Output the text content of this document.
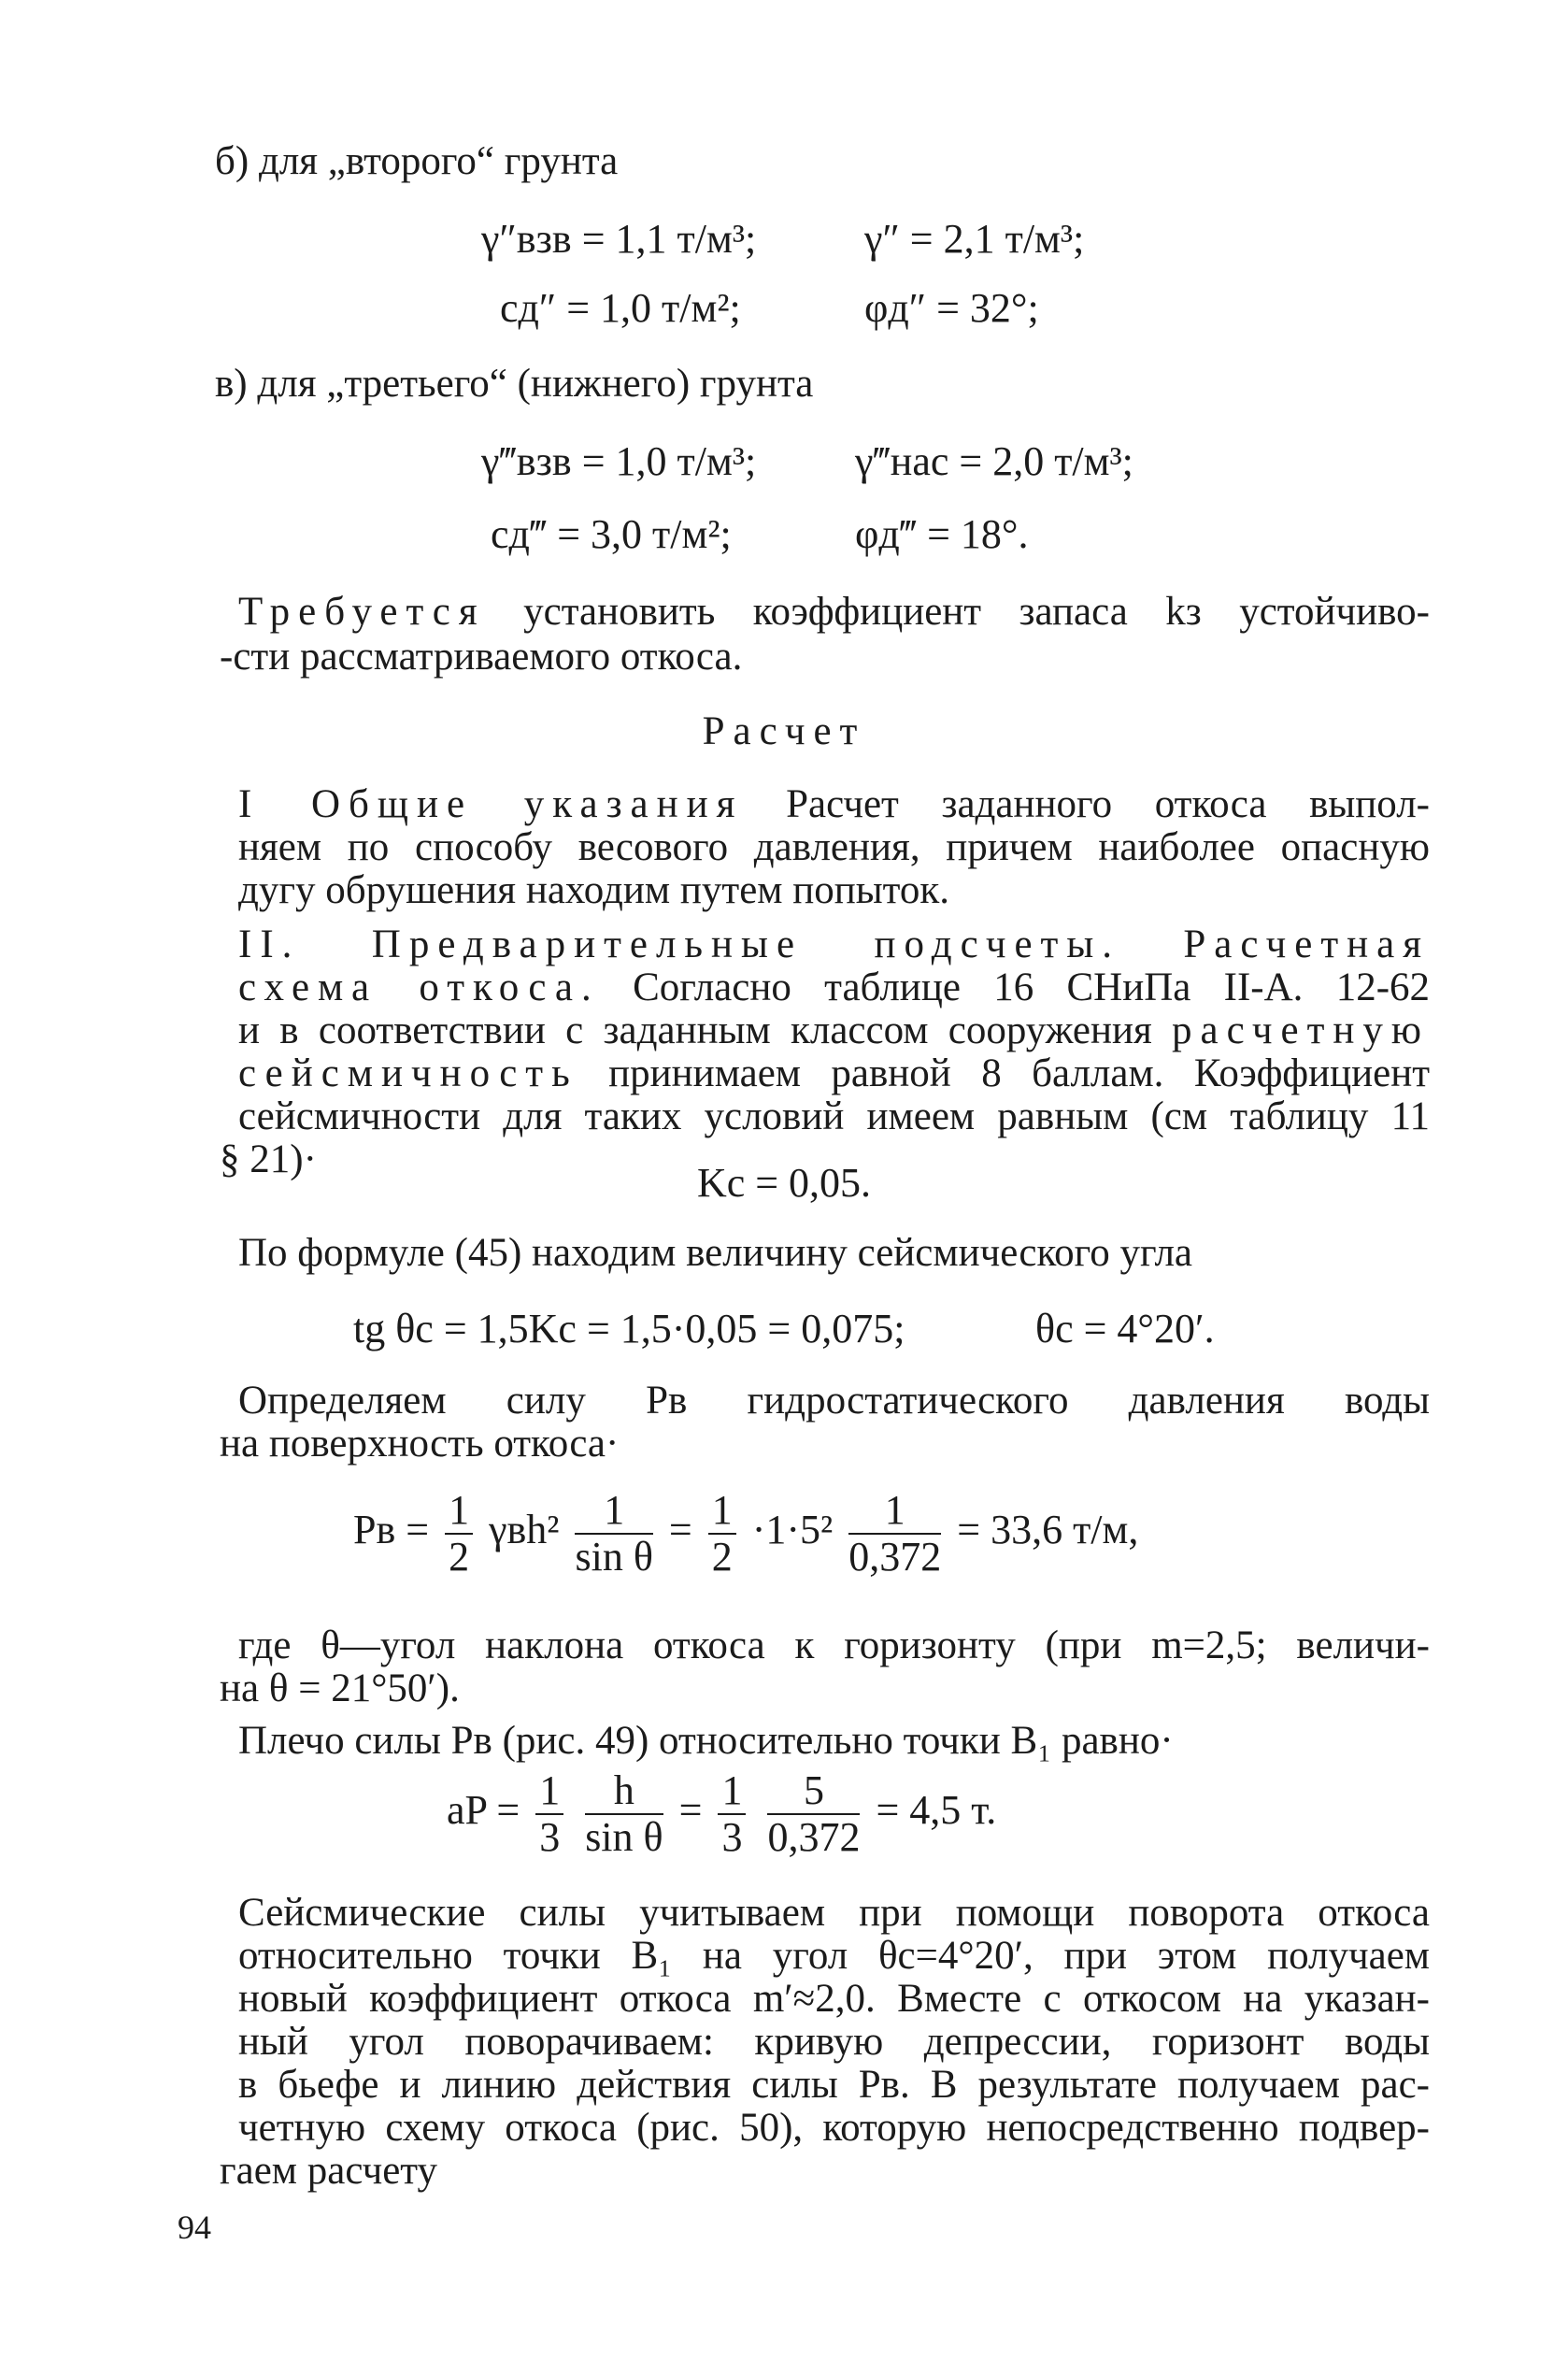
б) для „второго“ грунта
γ″взв = 1,1 т/м³;	γ″ = 2,1 т/м³;
cд″ = 1,0 т/м²;	φд″ = 32°;
в) для „третьего“ (нижнего) грунта
γ‴взв = 1,0 т/м³; γ‴нас = 2,0 т/м³;
cд‴ = 3,0 т/м²;	φд‴ = 18°.
Требуется установить коэффициент запаса kз устойчиво-
-сти рассматриваемого откоса.
Расчет
I Общие указания Расчет заданного откоса выпол-
няем по способу весового давления, причем наиболее опасную
дугу обрушения находим путем попыток.
II. Предварительные подсчеты. Расчетная
схема откоса. Согласно таблице 16 СНиПа II-А. 12-62
и в соответствии с заданным классом сооружения расчетную
сейсмичность принимаем равной 8 баллам. Коэффициент
сейсмичности для таких условий имеем равным (см таблицу 11
§ 21)·
Kс = 0,05.
По формуле (45) находим величину сейсмического угла
tg θс = 1,5Kс = 1,5·0,05 = 0,075;	θс = 4°20′.
Определяем силу Pв гидростатического давления воды
на поверхность откоса·
Pв = $\frac{1}{2} \gamma вh^2 \frac{1}{\text{sin θ}} = \frac{1}{2} \cdot 1\cdot 5^2 \frac{1}{0,372} = 33,6$ т/м,
где θ—угол наклона откоса к горизонту (при m=2,5; величи-
на θ = 21°50′).
Плечо силы Pв (рис. 49) относительно точки B₁ равно·
aP = $\frac{1}{3}$
$\frac{h}{\text{sin θ}} = \frac{1}{3}$
$\frac{5}{0,372} = 4,5$ т.
Сейсмические силы учитываем при помощи поворота откоса
относительно точки B₁ на угол θс=4°20′, при этом получаем
новый коэффициент откоса m′≈2,0. Вместе с откосом на указан-
ный угол поворачиваем: кривую депрессии, горизонт воды
в бьефе и линию действия силы Pв. В результате получаем рас-
четную схему откоса (рис. 50), которую непосредственно подвер-
гаем расчету
94
